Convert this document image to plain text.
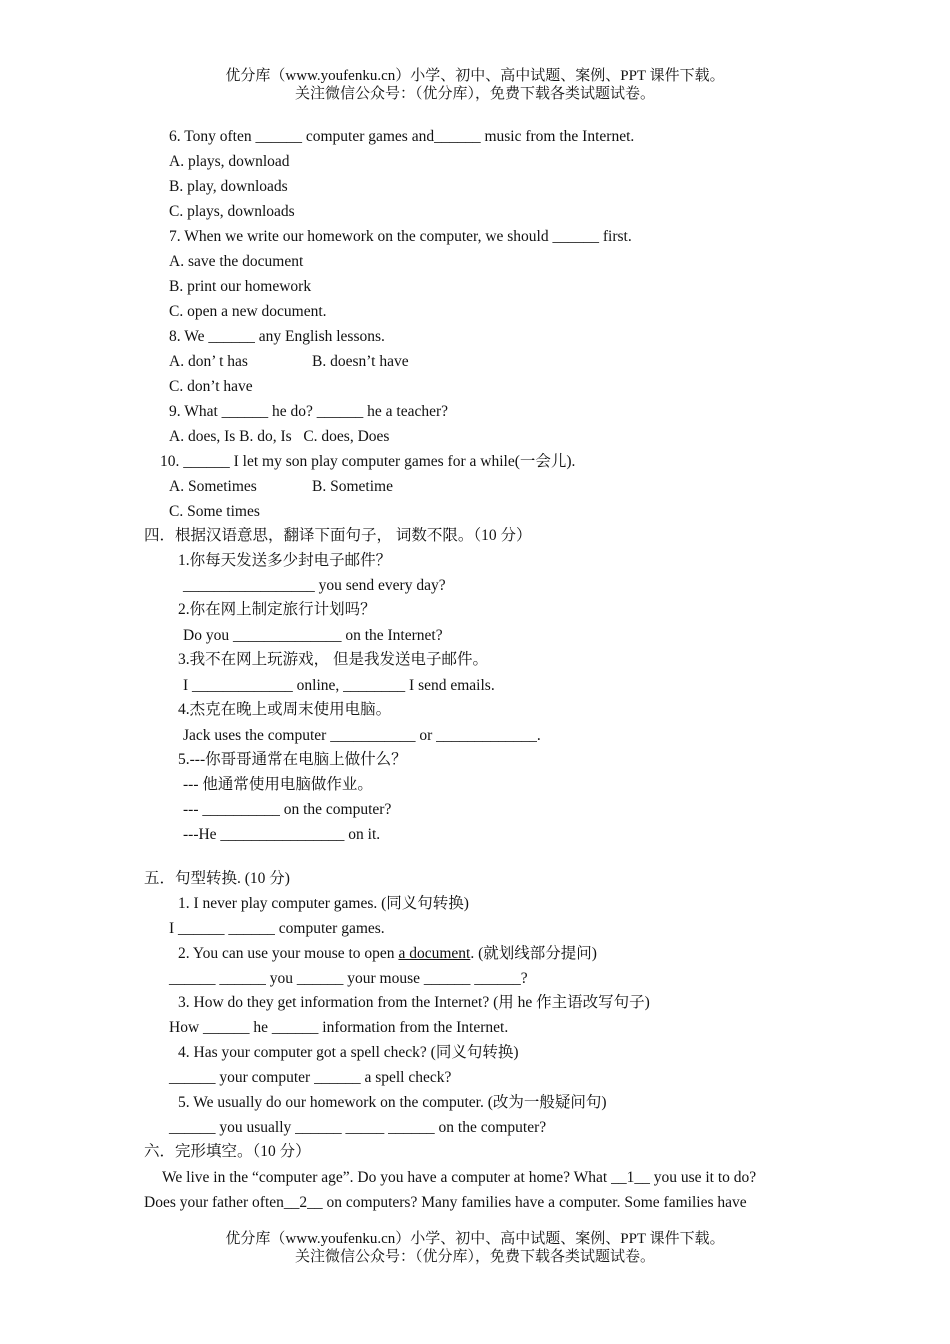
优分库（www.youfenku.cn）小学、初中、高中试题、案例、PPT 课件下载。
关注微信公众号：（优分库），免费下载各类试题试卷。
6. Tony often ______ computer games and______ music from the Internet.
A. plays, download
B. play, downloads
C. plays, downloads
7. When we write our homework on the computer, we should ______ first.
A. save the document
B. print our homework
C. open a new document.
8. We ______ any English lessons.
A. don’ t has	B. doesn’t have
C. don’t have
9. What ______ he do? ______ he a teacher?
A. does, Is B. do, Is   C. does, Does
10. ______ I let my son play computer games for a while(一会儿).
A. Sometimes	B. Sometime
C. Some times
四．根据汉语意思，翻译下面句子， 词数不限。（10 分）
1.你每天发送多少封电子邮件？
_________________ you send every day?
2.你在网上制定旅行计划吗？
Do you ______________ on the Internet?
3.我不在网上玩游戏， 但是我发送电子邮件。
I _____________ online, ________ I send emails.
4.杰克在晚上或周末使用电脑。
Jack uses the computer ___________ or _____________.
5.---你哥哥通常在电脑上做什么？
--- 他通常使用电脑做作业。
--- __________ on the computer?
---He ________________ on it.
五．句型转换. (10 分)
1. I never play computer games. (同义句转换)
I ______ ______ computer games.
2. You can use your mouse to open a document. (就划线部分提问)
______ ______ you ______ your mouse ______ ______?
3. How do they get information from the Internet? (用 he 作主语改写句子)
How ______ he ______ information from the Internet.
4. Has your computer got a spell check? (同义句转换)
______ your computer ______ a spell check?
5. We usually do our homework on the computer. (改为一般疑问句)
______ you usually ______ _____ ______ on the computer?
六．完形填空。（10 分）
We live in the “computer age”. Do you have a computer at home? What __1__ you use it to do?
Does your father often__2__ on computers? Many families have a computer. Some families have
优分库（www.youfenku.cn）小学、初中、高中试题、案例、PPT 课件下载。
关注微信公众号：（优分库），免费下载各类试题试卷。
